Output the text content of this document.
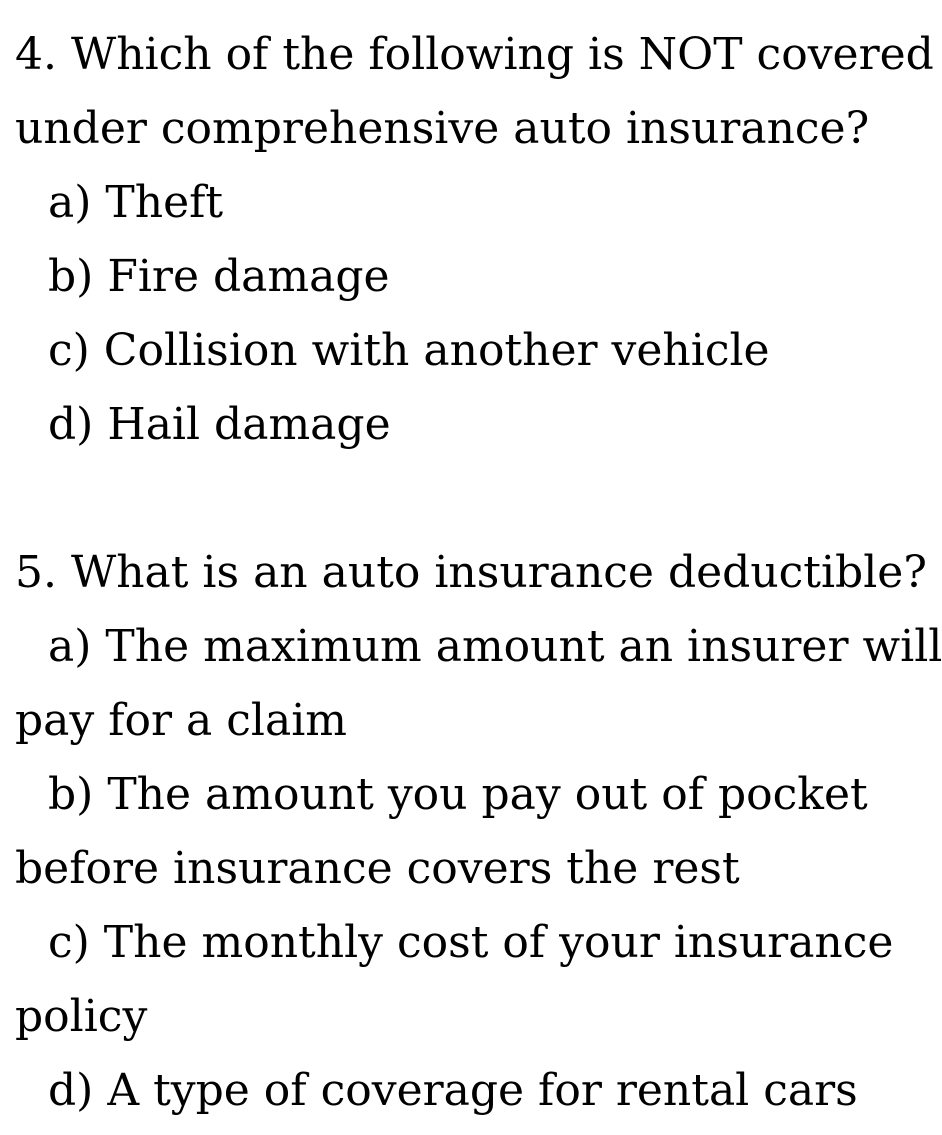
4. Which of the following is NOT covered
under comprehensive auto insurance?
a) Theft
b) Fire damage
c) Collision with another vehicle
d) Hail damage
5. What is an auto insurance deductible?
a) The maximum amount an insurer will
pay for a claim
b) The amount you pay out of pocket
before insurance covers the rest
c) The monthly cost of your insurance
policy
d) A type of coverage for rental cars
